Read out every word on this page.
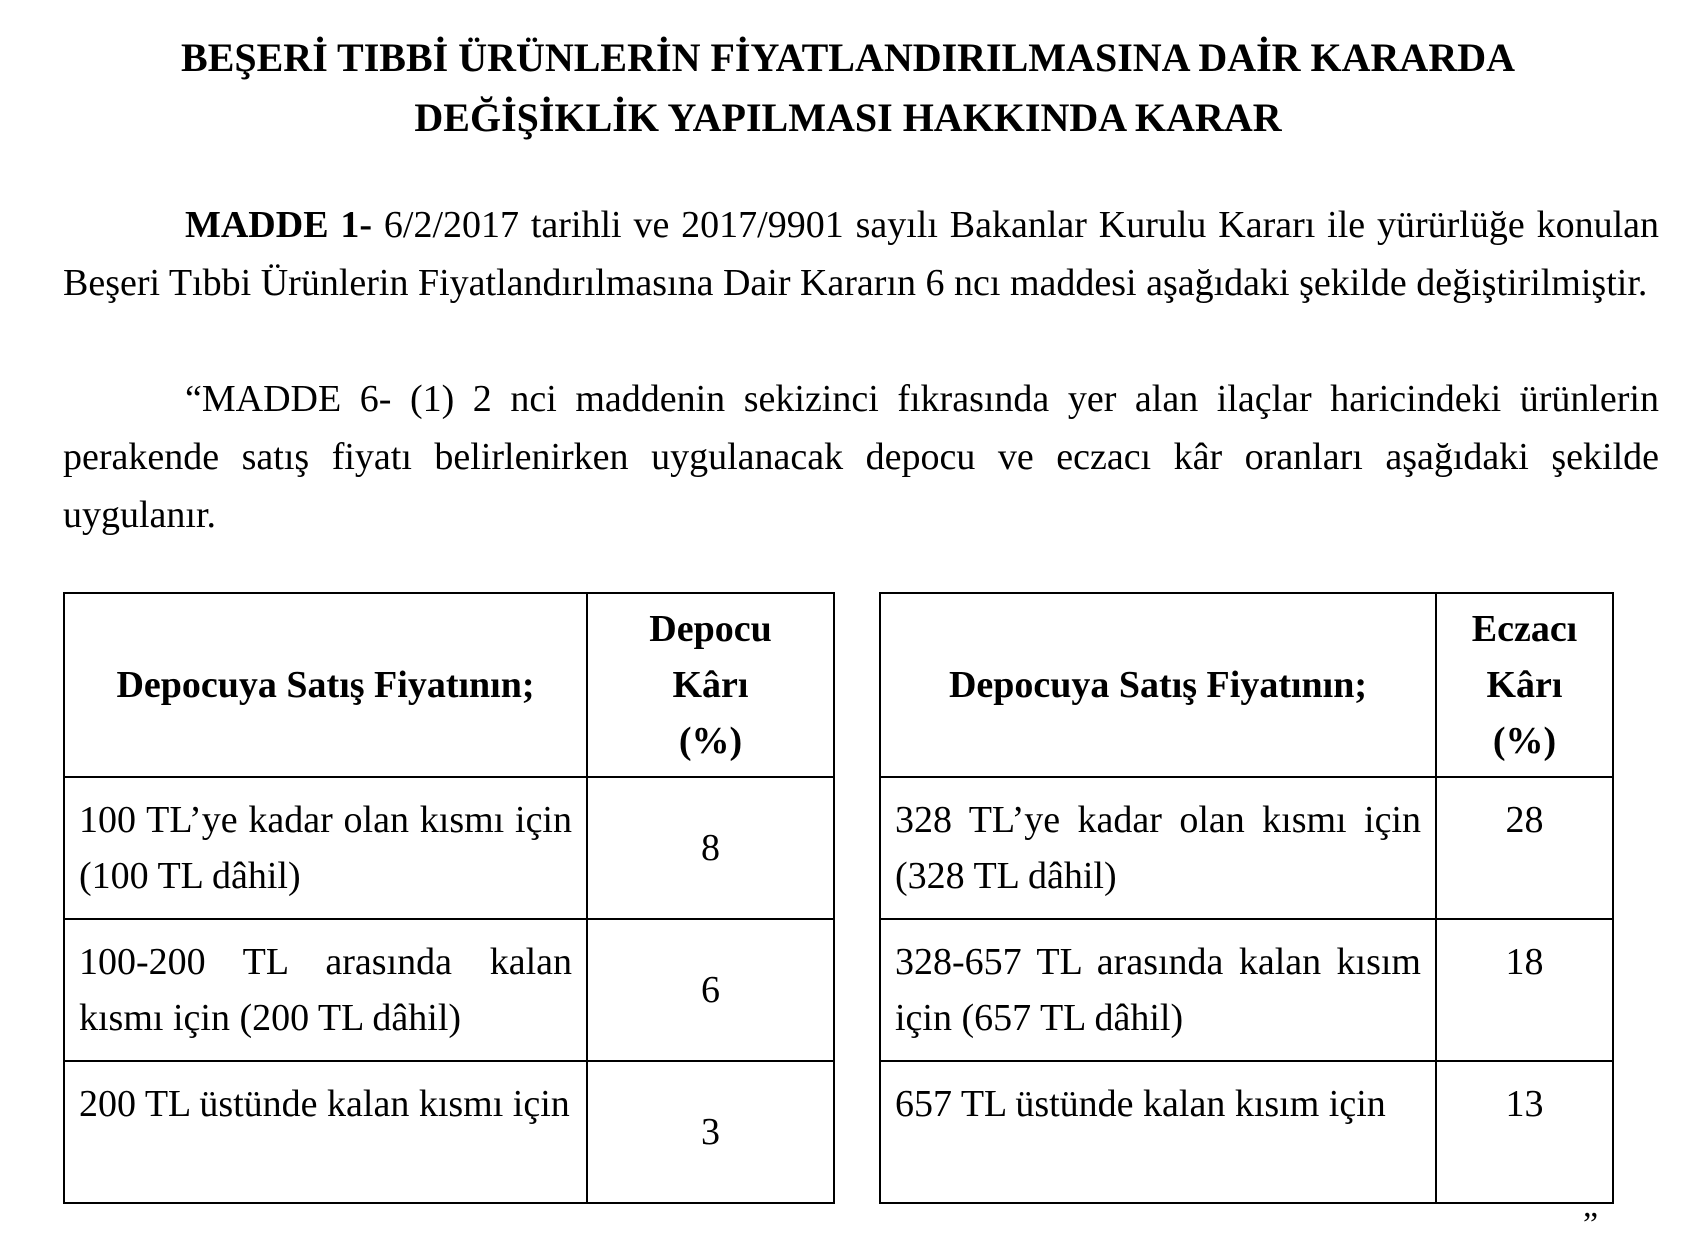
BEŞERİ TIBBİ ÜRÜNLERİN FİYATLANDIRILMASINA DAİR KARARDA
DEĞİŞİKLİK YAPILMASI HAKKINDA KARAR
MADDE 1- 6/2/2017 tarihli ve 2017/9901 sayılı Bakanlar Kurulu Kararı ile yürürlüğe konulan Beşeri Tıbbi Ürünlerin Fiyatlandırılmasına Dair Kararın 6 ncı maddesi aşağıdaki şekilde değiştirilmiştir.
“MADDE 6- (1) 2 nci maddenin sekizinci fıkrasında yer alan ilaçlar haricindeki ürünlerin perakende satış fiyatı belirlenirken uygulanacak depocu ve eczacı kâr oranları aşağıdaki şekilde uygulanır.
Depocuya Satış Fiyatının;	Depocu
Kârı
(%)

100 TL’ye kadar olan kısmı için (100 TL dâhil)	8
100-200 TL arasında kalan kısmı için (200 TL dâhil)	6
200 TL üstünde kalan kısmı için	3
Depocuya Satış Fiyatının;	Eczacı
Kârı
(%)

328 TL’ye kadar olan kısmı için (328 TL dâhil)	28
328-657 TL arasında kalan kısım için (657 TL dâhil)	18
657 TL üstünde kalan kısım için	13
”
